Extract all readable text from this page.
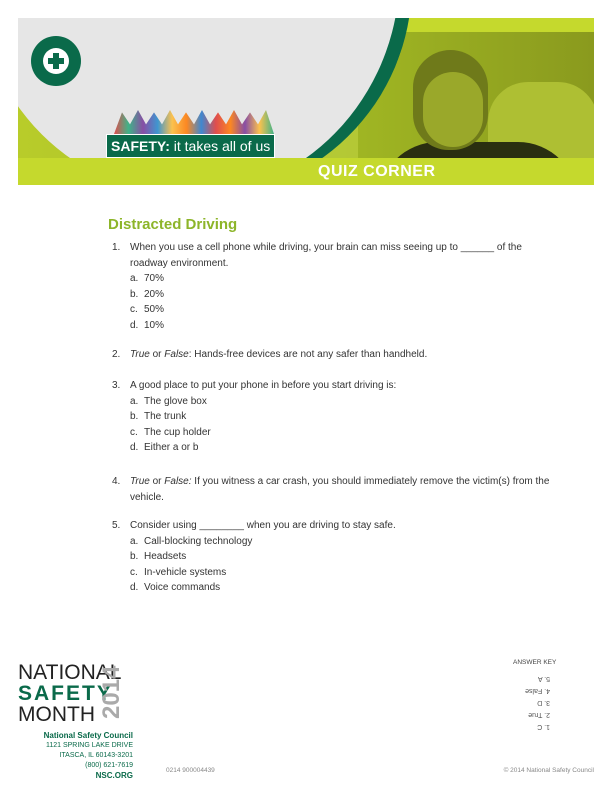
SAFETY: it takes all of us
QUIZ CORNER
Distracted Driving
1. When you use a cell phone while driving, your brain can miss seeing up to ______ of the roadway environment.
a. 70%
b. 20%
c. 50%
d. 10%
2. True or False: Hands-free devices are not any safer than handheld.
3. A good place to put your phone in before you start driving is:
a. The glove box
b. The trunk
c. The cup holder
d. Either a or b
4. True or False: If you witness a car crash, you should immediately remove the victim(s) from the vehicle.
5. Consider using ________ when you are driving to stay safe.
a. Call-blocking technology
b. Headsets
c. In-vehicle systems
d. Voice commands
NATIONAL
SAFETY
MONTH 2014
National Safety Council
1121 SPRING LAKE DRIVE
ITASCA, IL 60143-3201
(800) 621-7619
NSC.ORG
0214 900004439	© 2014 National Safety Council
ANSWER KEY
1. C
2. True
3. D
4. False
5. A
